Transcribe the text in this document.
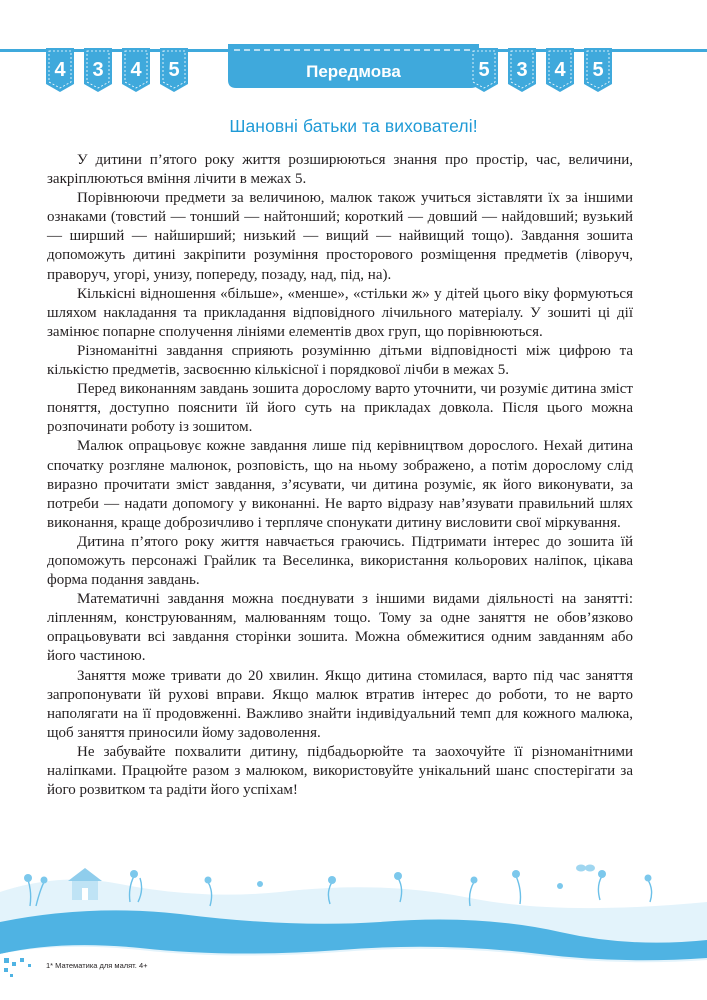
4 3 4 5	5 3 4 5
Передмова
Шановні батьки та вихователі!

У дитини п’ятого року життя розширюються знання про простір, час, величини, закріплюються вміння лічити в межах 5.

Порівнюючи предмети за величиною, малюк також учиться зіставляти їх за іншими ознаками (товстий — тонший — найтонший; короткий — довший — найдовший; вузький — ширший — найширший; низький — вищий — найвищий тощо). Завдання зошита допоможуть дитині закріпити розуміння просторового розміщення предметів (ліворуч, праворуч, угорі, унизу, попереду, позаду, над, під, на).

Кількісні відношення «більше», «менше», «стільки ж» у дітей цього віку формуються шляхом накладання та прикладання відповідного лічильного матеріалу. У зошиті ці дії замінює попарне сполучення лініями елементів двох груп, що порівнюються.

Різноманітні завдання сприяють розумінню дітьми відповідності між цифрою та кількістю предметів, засвоєнню кількісної і порядкової лічби в межах 5.

Перед виконанням завдань зошита дорослому варто уточнити, чи розуміє дитина зміст поняття, доступно пояснити їй його суть на прикладах довкола. Після цього можна розпочинати роботу із зошитом.

Малюк опрацьовує кожне завдання лише під керівництвом дорослого. Нехай дитина спочатку розгляне малюнок, розповість, що на ньому зображено, а потім дорослому слід виразно прочитати зміст завдання, з’ясувати, чи дитина розуміє, як його виконувати, за потреби — надати допомогу у виконанні. Не варто відразу нав’язувати правильний шлях виконання, краще доброзичливо і терпляче спонукати дитину висловити свої міркування.

Дитина п’ятого року життя навчається граючись. Підтримати інтерес до зошита їй допоможуть персонажі Грайлик та Веселинка, використання кольорових наліпок, цікава форма подання завдань.

Математичні завдання можна поєднувати з іншими видами діяльності на занятті: ліпленням, конструюванням, малюванням тощо. Тому за одне заняття не обов’язково опрацьовувати всі завдання сторінки зошита. Можна обмежитися одним завданням або його частиною.

Заняття може тривати до 20 хвилин. Якщо дитина стомилася, варто під час заняття запропонувати їй рухові вправи. Якщо малюк втратив інтерес до роботи, то не варто наполягати на її продовженні. Важливо знайти індивідуальний темп для кожного малюка, щоб заняття приносили йому задоволення.

Не забувайте похвалити дитину, підбадьорюйте та заохочуйте її різноманітними наліпками. Працюйте разом з малюком, використовуйте унікальний шанс спостерігати за його розвитком та радіти його успіхам!

1* Математика для малят. 4+
